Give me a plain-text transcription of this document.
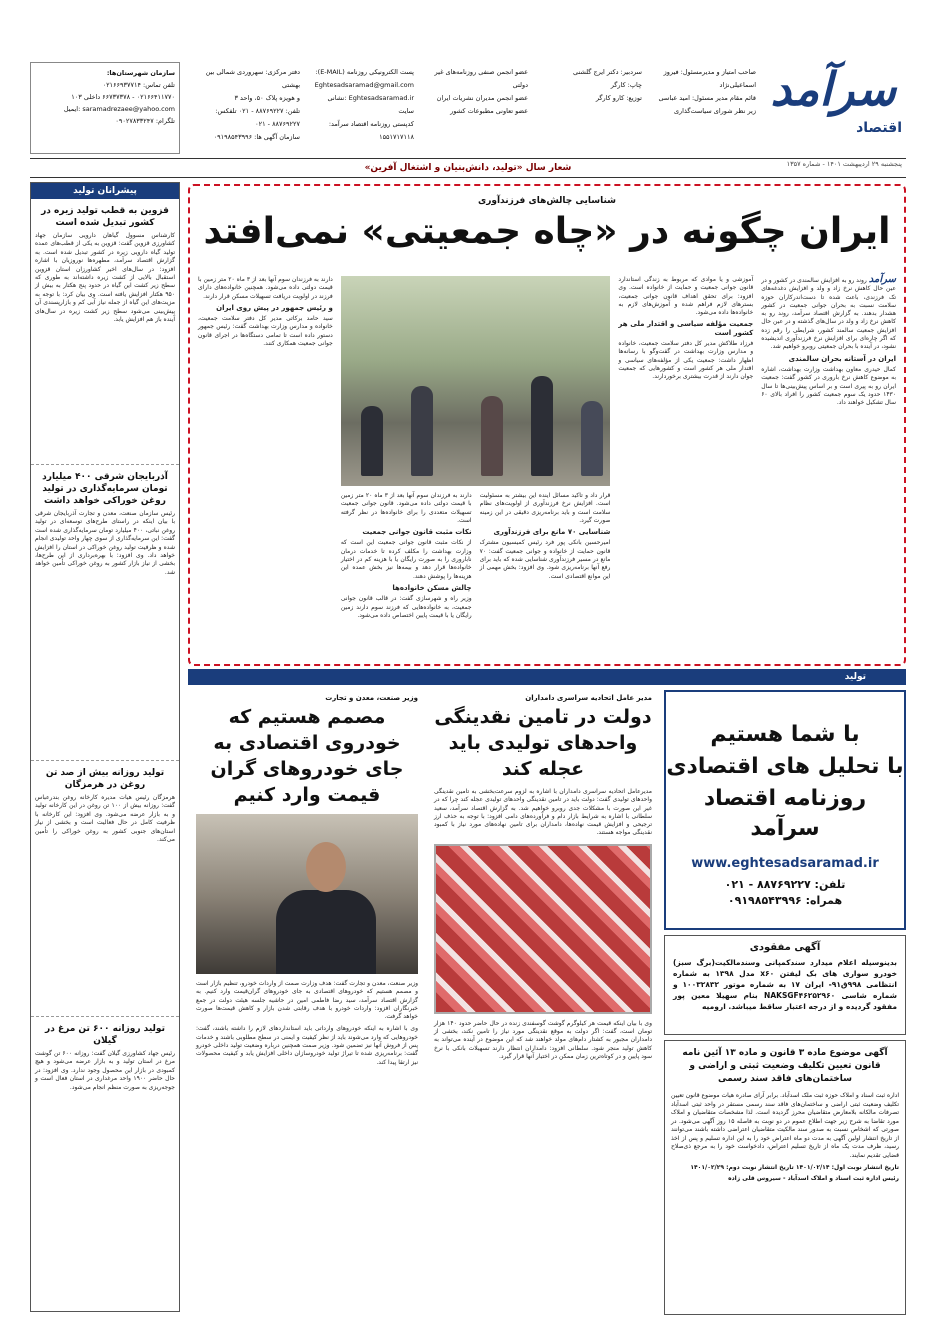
سرآمد
اقتصاد
صاحب امتیاز و مدیرمسئول: فیروز اسماعیلی‌نژاد
قائم مقام مدیر مسئول: امید عباسی
زیر نظر شورای سیاست‌گذاری
سردبیر: دکتر ایرج گلشنی
چاپ: کارگر
توزیع: کارو کارگر
عضو انجمن صنفی روزنامه‌های غیر دولتی
عضو انجمن مدیران نشریات ایران
عضو تعاونی مطبوعات کشور
پست الکترونیکی روزنامه (E-MAIL):
Eghtesadsaramad@gmail.com
Eghtesadsaramad.ir :نشانی سایت
کدپستی روزنامه اقتصاد سرآمد: ۱۵۵۱۷۱۷۱۱۸
دفتر مرکزی: سهروردی شمالی بین بهشتی
و هویزه پلاک ۵۰، واحد ۳
تلفن: ۸۸۷۶۹۲۲۷ - ۰۲۱ تلفکس: ۸۸۷۶۹۲۲۷ - ۰۲۱
سازمان آگهی ها: ۰۹۱۹۸۵۴۳۹۹۶
سازمان شهرستان‌ها:
تلفن تماس: ۰۲۱۶۶۹۳۷۷۱۴
۰۲۱۶۶۴۱۱۷۷۰ - ۶۶۷۳۷۳۷۸ داخلی ۱۰۳
saramadrezaee@yahoo.com :ایمیل
تلگرام: ۰۹۰۲۷۸۳۳۲۴۷
پنجشنبه ۲۹ اردیبهشت ۱۴۰۱ - شماره ۱۳۵۷
شعار سال «تولید، دانش‌بنیان و اشتغال آفرین»
پیشرانان تولید
قزوین به قطب تولید زیره در کشور تبدیل شده است

کارشناس مسوول گیاهان دارویی سازمان جهاد کشاورزی قزوین گفت: قزوین به یکی از قطب‌های عمده تولید گیاه دارویی زیره در کشور تبدیل شده است. به گزارش اقتصاد سرآمد، مطهره‌ها نوروزیان با اشاره افزود: در سال‌های اخیر کشاورزان استان قزوین استقبال بالایی از کشت زیره داشته‌اند به طوری که سطح زیر کشت این گیاه در حدود پنج هکتار به بیش از ۹۵۰ هکتار افزایش یافته است. وی بیان کرد: با توجه به مزیت‌های این گیاه از جمله نیاز آبی کم و بازارپسندی آن پیش‌بینی می‌شود سطح زیر کشت زیره در سال‌های آینده باز هم افزایش یابد.

آذربایجان شرقی ۴۰۰ میلیارد تومان سرمایه‌گذاری در تولید روغن خوراکی خواهد داشت

رئیس سازمان صنعت، معدن و تجارت آذربایجان شرقی با بیان اینکه در راستای طرح‌های توسعه‌ای در تولید روغن نباتی، ۴۰۰ میلیارد تومان سرمایه‌گذاری شده است گفت: این سرمایه‌گذاری از سوی چهار واحد تولیدی انجام شده و ظرفیت تولید روغن خوراکی در استان را افزایش خواهد داد. وی افزود: با بهره‌برداری از این طرح‌ها، بخشی از نیاز بازار کشور به روغن خوراکی تأمین خواهد شد.

تولید روزانه بیش از صد تن روغن در هرمزگان

هرمزگان رئیس هیات مدیره کارخانه روغن بندرعباس گفت: روزانه بیش از ۱۰۰ تن روغن در این کارخانه تولید و به بازار عرضه می‌شود. وی افزود: این کارخانه با ظرفیت کامل در حال فعالیت است و بخشی از نیاز استان‌های جنوبی کشور به روغن خوراکی را تأمین می‌کند.

تولید روزانه ۶۰۰ تن مرغ در گیلان

رئیس جهاد کشاورزی گیلان گفت: روزانه ۶۰۰ تن گوشت مرغ در استان تولید و به بازار عرضه می‌شود و هیچ کمبودی در بازار این محصول وجود ندارد. وی افزود: در حال حاضر ۱۹۰۰ واحد مرغداری در استان فعال است و جوجه‌ریزی به صورت منظم انجام می‌شود.

شناسایی چالش‌های فرزندآوری
ایران چگونه در «چاه جمعیتی» نمی‌افتد
سرآمد روند رو به افزایش سالمندی در کشور و در عین حال کاهش نرخ زاد و ولد و افزایش دغدغه‌های تک فرزندی، باعث شده تا دست‌اندرکاران حوزه سلامت نسبت به بحران جوانی جمعیت در کشور هشدار بدهند. به گزارش اقتصاد سرآمد، روند رو به کاهش نرخ زاد و ولد در سال‌های گذشته و در عین حال افزایش جمعیت سالمند کشور، شرایطی را رقم زده که اگر چاره‌ای برای افزایش نرخ فرزندآوری اندیشیده نشود، در آینده با بحران جمعیتی روبرو خواهیم شد.
ایران در آستانه بحران سالمندی
کمال حیدری معاون بهداشت وزارت بهداشت، اشاره به موضوع کاهش نرخ باروری در کشور گفت: جمعیت ایران رو به پیری است و بر اساس پیش‌بینی‌ها تا سال ۱۴۳۰ حدود یک سوم جمعیت کشور را افراد بالای ۶۰ سال تشکیل خواهند داد.
آموزشی و یا موادی که مربوط به زندگی استاندارد قانون جوانی جمعیت و حمایت از خانواده است. وی افزود: برای تحقق اهداف قانون جوانی جمعیت، بسترهای لازم فراهم شده و آموزش‌های لازم به خانواده‌ها داده می‌شود.
جمعیت مؤلفه سیاسی و اقتدار ملی هر کشور است
فرزاد طلاکش مدیر کل دفتر سلامت جمعیت، خانواده و مدارس وزارت بهداشت در گفت‌وگو با رسانه‌ها اظهار داشت: جمعیت یکی از مؤلفه‌های سیاسی و اقتدار ملی هر کشور است و کشورهایی که جمعیت جوان دارند از قدرت بیشتری برخوردارند.
قرار داد و تاکید مسائل اینده این بیشتر به مسئولیت است. افزایش نرخ فرزندآوری از اولویت‌های نظام سلامت است و باید برنامه‌ریزی دقیقی در این زمینه صورت گیرد.
شناسایی ۷۰ مانع برای فرزندآوری
امیرحسین بانکی پور فرد رئیس کمیسیون مشترک قانون حمایت از خانواده و جوانی جمعیت گفت: ۷۰ مانع در مسیر فرزندآوری شناسایی شده که باید برای رفع آنها برنامه‌ریزی شود. وی افزود: بخش مهمی از این موانع اقتصادی است.
دارند به فرزندان سوم آنها بعد از ۳ ماه ۲۰ متر زمین با قیمت دولتی داده می‌شود. قانون جوانی جمعیت تسهیلات متعددی را برای خانواده‌ها در نظر گرفته است.
نکات مثبت قانون جوانی جمعیت
از نکات مثبت قانون جوانی جمعیت این است که وزارت بهداشت را مکلف کرده تا خدمات درمان ناباروری را به صورت رایگان یا با هزینه کم در اختیار خانواده‌ها قرار دهد و بیمه‌ها نیز بخش عمده این هزینه‌ها را پوشش دهند.
چالش مسکن خانواده‌ها
وزیر راه و شهرسازی گفت: در قالب قانون جوانی جمعیت، به خانواده‌هایی که فرزند سوم دارند زمین رایگان یا با قیمت پایین اختصاص داده می‌شود.
دارند به فرزندان سوم آنها بعد از ۳ ماه ۲۰ متر زمین با قیمت دولتی داده می‌شود. همچنین خانواده‌های دارای فرزند در اولویت دریافت تسهیلات مسکن قرار دارند.
و رئیس جمهور در پیش روی ایران
سید حامد برکاتی مدیر کل دفتر سلامت جمعیت، خانواده و مدارس وزارت بهداشت گفت: رئیس جمهور دستور داده است تا تمامی دستگاه‌ها در اجرای قانون جوانی جمعیت همکاری کنند.
تولید
مدیر عامل اتحادیه سراسری دامداران
دولت در تامین نقدینگی واحدهای تولیدی باید عجله کند

مدیرعامل اتحادیه سراسری دامداران با اشاره به لزوم سرعت‌بخشی به تامین نقدینگی واحدهای تولیدی گفت: دولت باید در تامین نقدینگی واحدهای تولیدی عجله کند چرا که در غیر این صورت با مشکلات جدی روبرو خواهیم شد. به گزارش اقتصاد سرآمد، سعید سلطانی با اشاره به شرایط بازار دام و فرآورده‌های دامی افزود: با توجه به حذف ارز ترجیحی و افزایش قیمت نهاده‌ها، دامداران برای تامین نهاده‌های مورد نیاز با کمبود نقدینگی مواجه هستند.

وی با بیان اینکه قیمت هر کیلوگرم گوشت گوسفندی زنده در حال حاضر حدود ۱۴۰ هزار تومان است، گفت: اگر دولت به موقع نقدینگی مورد نیاز را تامین نکند، بخشی از دامداران مجبور به کشتار دام‌های مولد خواهند شد که این موضوع در آینده می‌تواند به کاهش تولید منجر شود. سلطانی افزود: دامداران انتظار دارند تسهیلات بانکی با نرخ سود پایین و در کوتاه‌ترین زمان ممکن در اختیار آنها قرار گیرد.

وزیر صنعت، معدن و تجارت
مصمم هستیم که خودروی اقتصادی به جای خودروهای گران قیمت وارد کنیم

وزیر صنعت، معدن و تجارت گفت: هدف وزارت صمت از واردات خودرو، تنظیم بازار است و مصمم هستیم که خودروهای اقتصادی به جای خودروهای گران‌قیمت وارد کنیم. به گزارش اقتصاد سرآمد، سید رضا فاطمی امین در حاشیه جلسه هیئت دولت در جمع خبرنگاران افزود: واردات خودرو با هدف رقابتی شدن بازار و کاهش قیمت‌ها صورت خواهد گرفت.

وی با اشاره به اینکه خودروهای وارداتی باید استانداردهای لازم را داشته باشند، گفت: خودروهایی که وارد می‌شوند باید از نظر کیفیت و ایمنی در سطح مطلوبی باشند و خدمات پس از فروش آنها نیز تضمین شود. وزیر صمت همچنین درباره وضعیت تولید داخلی خودرو گفت: برنامه‌ریزی شده تا تیراژ تولید خودروسازان داخلی افزایش یابد و کیفیت محصولات نیز ارتقا پیدا کند.

با شما هستیم
با تحلیل های اقتصادی
روزنامه اقتصاد سرآمد
www.eghtesadsaramad.ir
تلفن: ۸۸۷۶۹۲۲۷ - ۰۲۱
همراه: ۰۹۱۹۸۵۴۳۹۹۶
آگهی مفقودی

بدینوسیله اعلام میدارد سندکمپانی وسندمالکیت(برگ سبز) خودرو سواری های بک لیفتن x۶۰ مدل ۱۳۹۸ به شماره انتظامی ۹۹۸ق۹۱- ایران ۱۷ به شماره موتور ۱۰۰۳۲۸۳۲ و شماره شاسی NAKSGF۴۶۲۵۲۹۶۰ بنام سهیلا معین پور مفقود گردیده و از درجه اعتبار ساقط میباشد. ارومیه

آگهی موضوع ماده ۳ قانون و ماده ۱۳ آئین نامه قانون تعیین تکلیف وضعیت ثبتی و اراضی و ساختمان‌های فاقد سند رسمی

اداره ثبت اسناد و املاک حوزه ثبت ملک اسدآباد. برابر آرای صادره هیات موضوع قانون تعیین تکلیف وضعیت ثبتی اراضی و ساختمان‌های فاقد سند رسمی مستقر در واحد ثبتی اسدآباد تصرفات مالکانه بلامعارض متقاضیان محرز گردیده است. لذا مشخصات متقاضیان و املاک مورد تقاضا به شرح زیر جهت اطلاع عموم در دو نوبت به فاصله ۱۵ روز آگهی می‌شود. در صورتی که اشخاص نسبت به صدور سند مالکیت متقاضیان اعتراضی داشته باشند می‌توانند از تاریخ انتشار اولین آگهی به مدت دو ماه اعتراض خود را به این اداره تسلیم و پس از اخذ رسید، ظرف مدت یک ماه از تاریخ تسلیم اعتراض، دادخواست خود را به مرجع ذی‌صلاح قضایی تقدیم نمایند.

تاریخ انتشار نوبت اول: ۱۴۰۱/۰۲/۱۴ تاریخ انتشار نوبت دوم: ۱۴۰۱/۰۲/۲۹
رئیس اداره ثبت اسناد و املاک اسدآباد - سیروس قلی زاده
